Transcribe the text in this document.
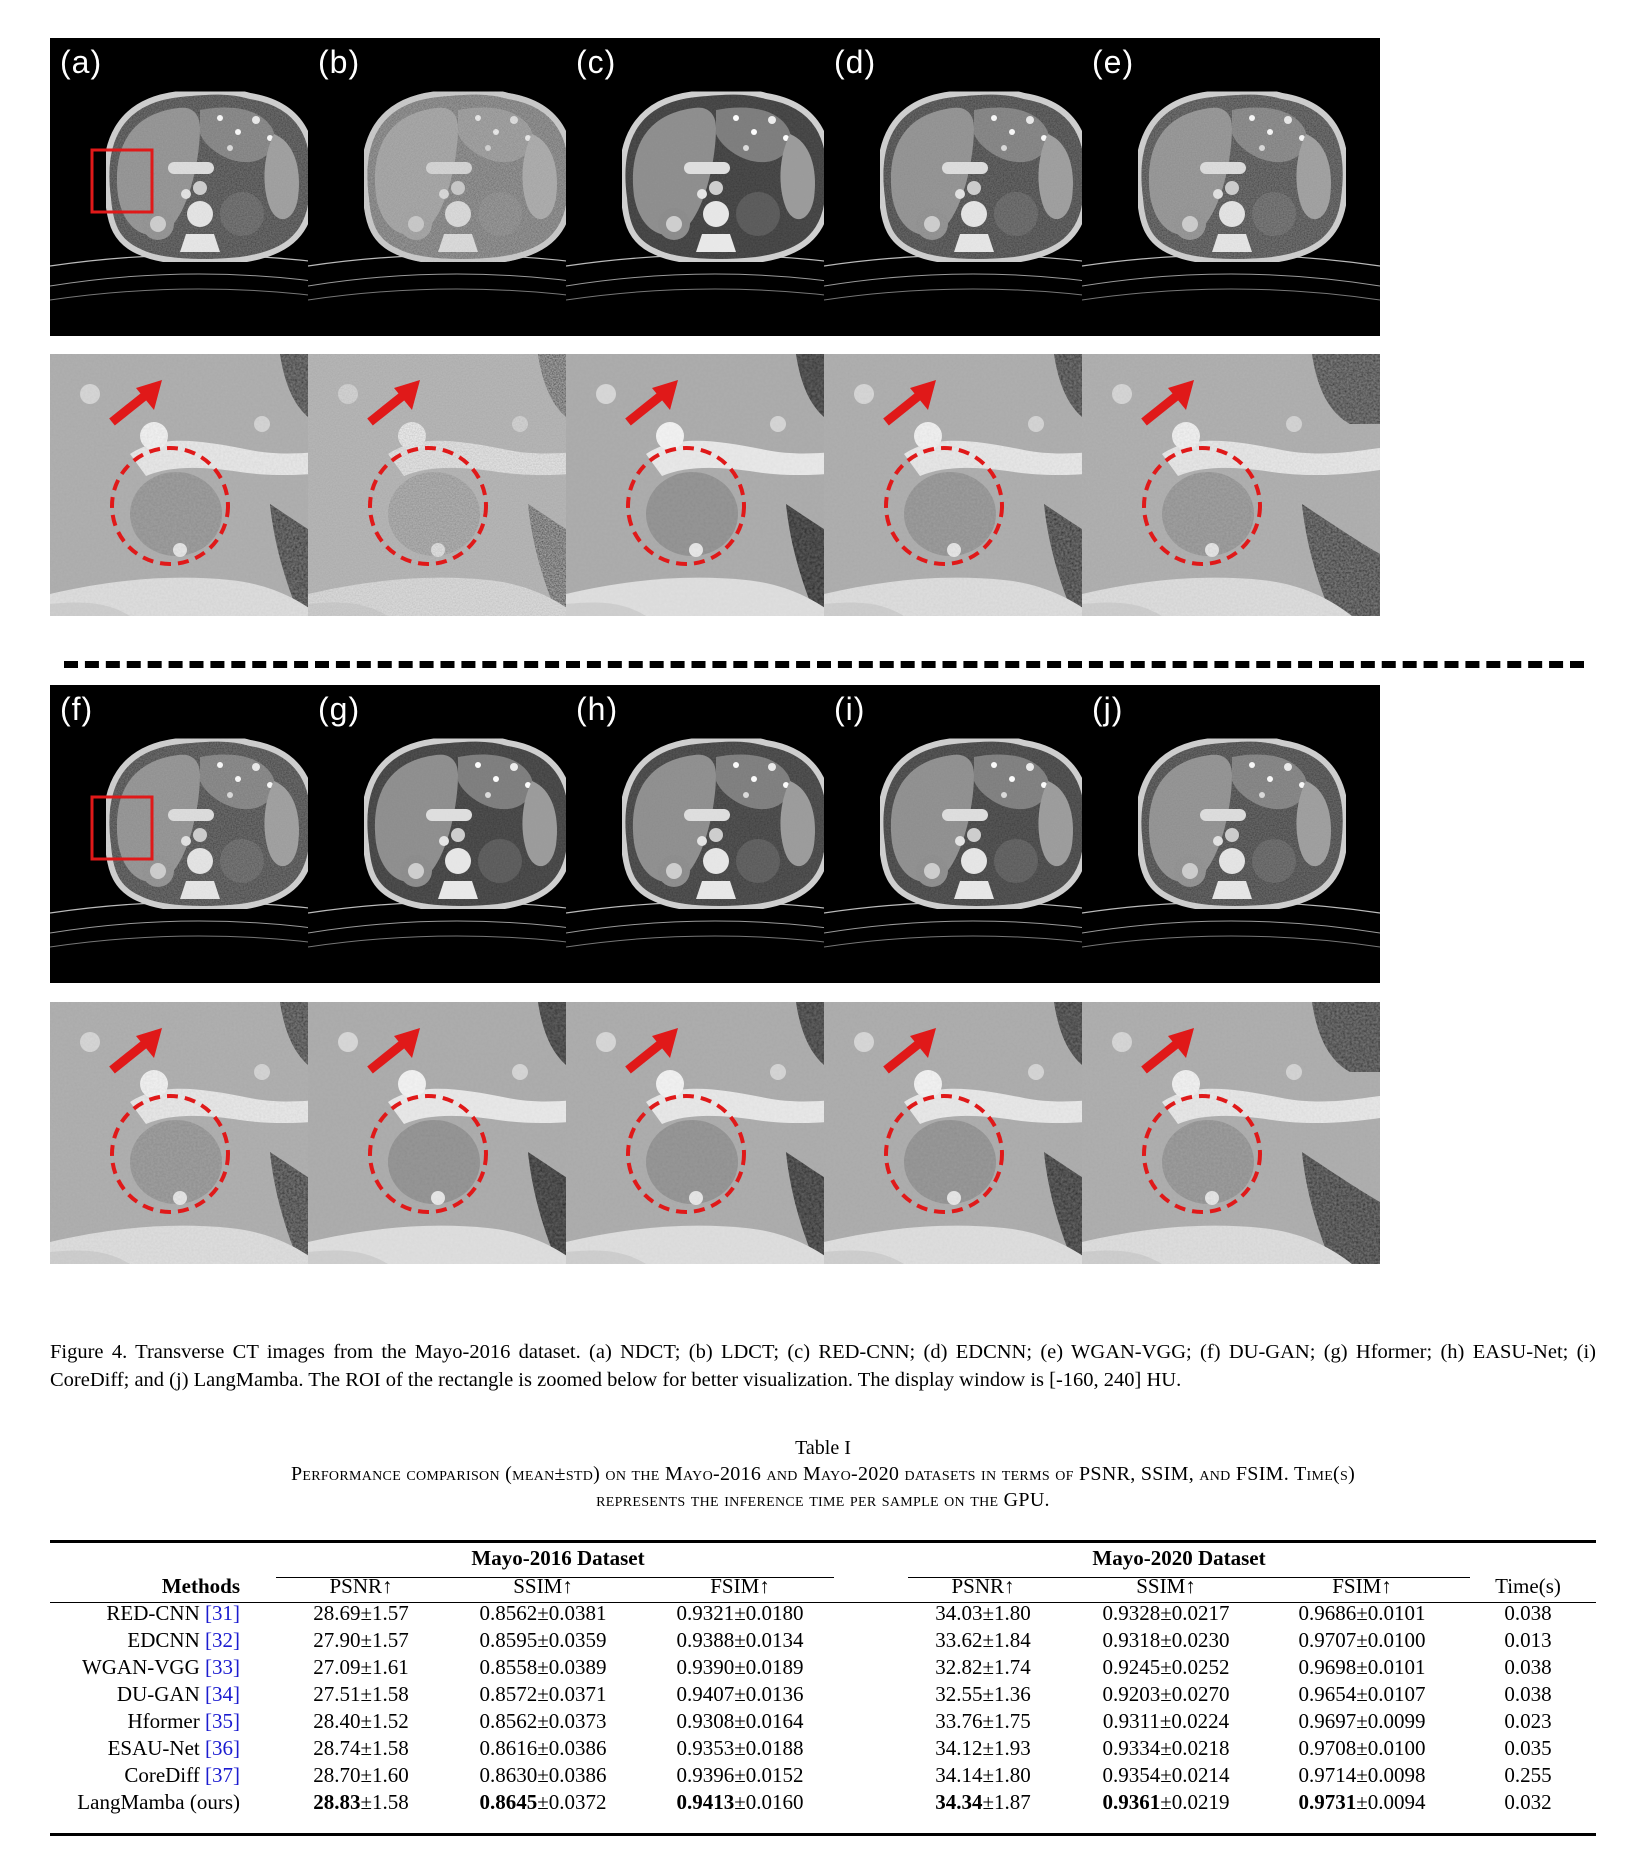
(a)	(b)	(c)	(d)	(e)
(f)	(g)	(h)	(i)	(j)
Figure 4. Transverse CT images from the Mayo-2016 dataset. (a) NDCT; (b) LDCT; (c) RED-CNN; (d) EDCNN; (e) WGAN-VGG; (f) DU-GAN; (g) Hformer; (h) EASU-Net; (i) CoreDiff; and (j) LangMamba. The ROI of the rectangle is zoomed below for better visualization. The display window is [-160, 240] HU.
Table I
Performance comparison (mean±std) on the Mayo-2016 and Mayo-2020 datasets in terms of PSNR, SSIM, and FSIM. Time(s)
represents the inference time per sample on the GPU.
	Mayo-2016 Dataset				Mayo-2020 Dataset			
Methods	PSNR↑	SSIM↑	FSIM↑		PSNR↑	SSIM↑	FSIM↑	Time(s)
RED-CNN [31]	28.69±1.57	0.8562±0.0381	0.9321±0.0180		34.03±1.80	0.9328±0.0217	0.9686±0.0101	0.038
EDCNN [32]	27.90±1.57	0.8595±0.0359	0.9388±0.0134		33.62±1.84	0.9318±0.0230	0.9707±0.0100	0.013
WGAN-VGG [33]	27.09±1.61	0.8558±0.0389	0.9390±0.0189		32.82±1.74	0.9245±0.0252	0.9698±0.0101	0.038
DU-GAN [34]	27.51±1.58	0.8572±0.0371	0.9407±0.0136		32.55±1.36	0.9203±0.0270	0.9654±0.0107	0.038
Hformer [35]	28.40±1.52	0.8562±0.0373	0.9308±0.0164		33.76±1.75	0.9311±0.0224	0.9697±0.0099	0.023
ESAU-Net [36]	28.74±1.58	0.8616±0.0386	0.9353±0.0188		34.12±1.93	0.9334±0.0218	0.9708±0.0100	0.035
CoreDiff [37]	28.70±1.60	0.8630±0.0386	0.9396±0.0152		34.14±1.80	0.9354±0.0214	0.9714±0.0098	0.255
LangMamba (ours)	28.83±1.58	0.8645±0.0372	0.9413±0.0160		34.34±1.87	0.9361±0.0219	0.9731±0.0094	0.032
